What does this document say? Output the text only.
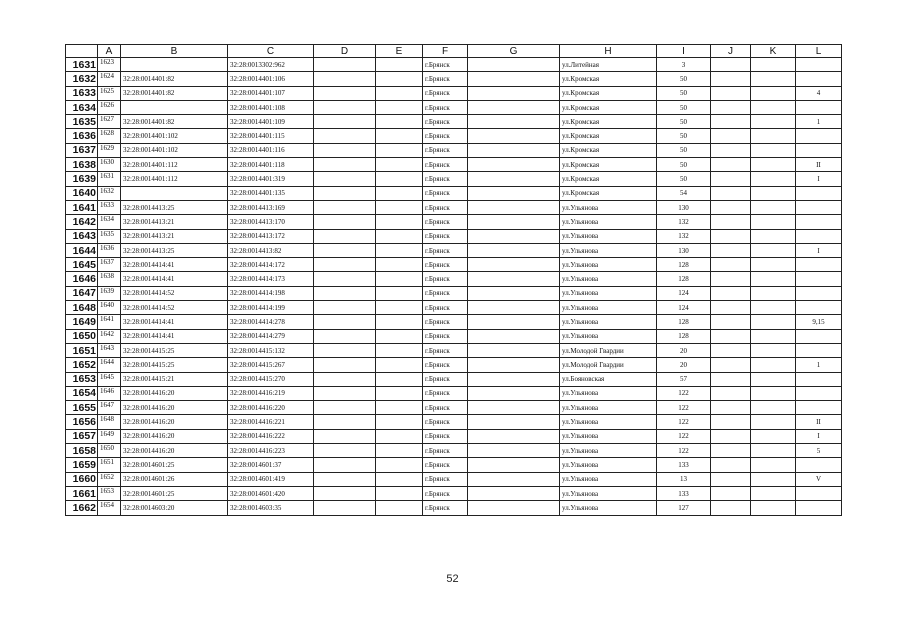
	A	B	C	D	E	F	G	H	I	J	K	L
1631	1623		32:28:0013302:962			г.Брянск		ул.Литейная	3			
1632	1624	32:28:0014401:82	32:28:0014401:106			г.Брянск		ул.Кромская	50			
1633	1625	32:28:0014401:82	32:28:0014401:107			г.Брянск		ул.Кромская	50			4
1634	1626		32:28:0014401:108			г.Брянск		ул.Кромская	50			
1635	1627	32:28:0014401:82	32:28:0014401:109			г.Брянск		ул.Кромская	50			1
1636	1628	32:28:0014401:102	32:28:0014401:115			г.Брянск		ул.Кромская	50			
1637	1629	32:28:0014401:102	32:28:0014401:116			г.Брянск		ул.Кромская	50			
1638	1630	32:28:0014401:112	32:28:0014401:118			г.Брянск		ул.Кромская	50			II
1639	1631	32:28:0014401:112	32:28:0014401:319			г.Брянск		ул.Кромская	50			I
1640	1632		32:28:0014401:135			г.Брянск		ул.Кромская	54			
1641	1633	32:28:0014413:25	32:28:0014413:169			г.Брянск		ул.Ульянова	130			
1642	1634	32:28:0014413:21	32:28:0014413:170			г.Брянск		ул.Ульянова	132			
1643	1635	32:28:0014413:21	32:28:0014413:172			г.Брянск		ул.Ульянова	132			
1644	1636	32:28:0014413:25	32:28:0014413:82			г.Брянск		ул.Ульянова	130			I
1645	1637	32:28:0014414:41	32:28:0014414:172			г.Брянск		ул.Ульянова	128			
1646	1638	32:28:0014414:41	32:28:0014414:173			г.Брянск		ул.Ульянова	128			
1647	1639	32:28:0014414:52	32:28:0014414:198			г.Брянск		ул.Ульянова	124			
1648	1640	32:28:0014414:52	32:28:0014414:199			г.Брянск		ул.Ульянова	124			
1649	1641	32:28:0014414:41	32:28:0014414:278			г.Брянск		ул.Ульянова	128			9,15
1650	1642	32:28:0014414:41	32:28:0014414:279			г.Брянск		ул.Ульянова	128			
1651	1643	32:28:0014415:25	32:28:0014415:132			г.Брянск		ул.Молодой Гвардии	20			
1652	1644	32:28:0014415:25	32:28:0014415:267			г.Брянск		ул.Молодой Гвардии	20			1
1653	1645	32:28:0014415:21	32:28:0014415:270			г.Брянск		ул.Бояновская	57			
1654	1646	32:28:0014416:20	32:28:0014416:219			г.Брянск		ул.Ульянова	122			
1655	1647	32:28:0014416:20	32:28:0014416:220			г.Брянск		ул.Ульянова	122			
1656	1648	32:28:0014416:20	32:28:0014416:221			г.Брянск		ул.Ульянова	122			II
1657	1649	32:28:0014416:20	32:28:0014416:222			г.Брянск		ул.Ульянова	122			I
1658	1650	32:28:0014416:20	32:28:0014416:223			г.Брянск		ул.Ульянова	122			5
1659	1651	32:28:0014601:25	32:28:0014601:37			г.Брянск		ул.Ульянова	133			
1660	1652	32:28:0014601:26	32:28:0014601:419			г.Брянск		ул.Ульянова	13			V
1661	1653	32:28:0014601:25	32:28:0014601:420			г.Брянск		ул.Ульянова	133			
1662	1654	32:28:0014603:20	32:28:0014603:35			г.Брянск		ул.Ульянова	127			
52
